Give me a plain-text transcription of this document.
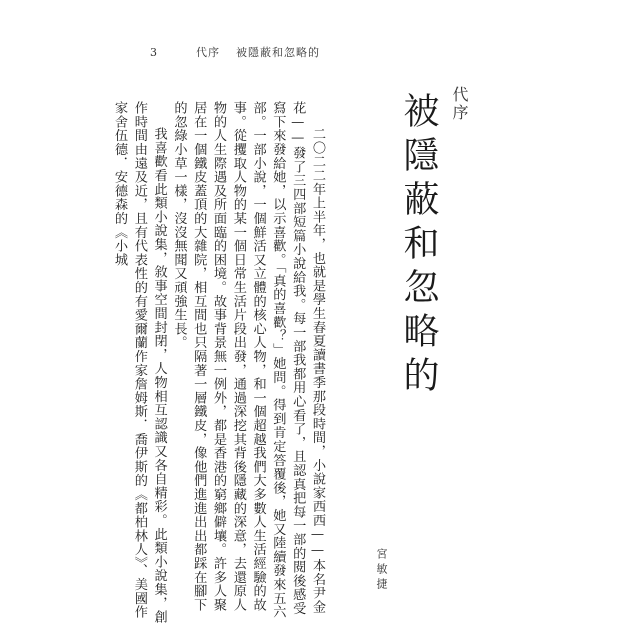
3	代序 被隱蔽和忽略的
代序
被隱蔽和忽略的
宮敏捷

二〇二二年上半年，也就是學生春夏讀書季那段時間，小說家西西——本名尹金花——發了三四部短篇小說給我。每一部我都用心看了，且認真把每一部的閱後感受寫下來發給她，以示喜歡。「真的喜歡？」她問。得到肯定答覆後，她又陸續發來五六部。一部小說，一個鮮活又立體的核心人物，和一個超越我們大多數人生活經驗的故事。從攫取人物的某一個日常生活片段出發，通過深挖其背後隱藏的深意，去還原人物的人生際遇及所面臨的困境。故事背景無一例外，都是香港的窮鄉僻壤。許多人聚居在一個鐵皮蓋頂的大雜院，相互間也只隔著一層鐵皮，像他們進進出出都踩在腳下的忽綠小草一樣，沒沒無聞又頑強生長。

我喜歡看此類小說集，敘事空間封閉，人物相互認識又各自精彩。此類小說集，創作時間由遠及近，且有代表性的有愛爾蘭作家詹姆斯．喬伊斯的《都柏林人》、美國作家舍伍德．安德森的《小城
